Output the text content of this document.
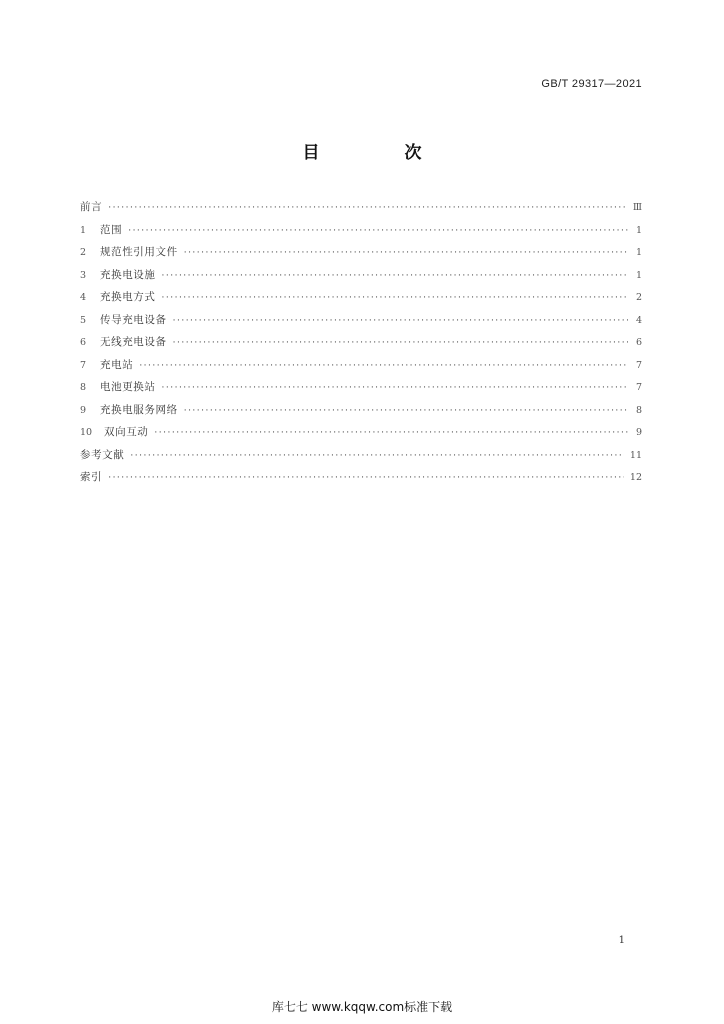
GB/T 29317—2021
目　次
前言 ·····	Ⅲ
1	范围 ·····	1
2	规范性引用文件 ·····	1
3	充换电设施 ·····	1
4	充换电方式 ·····	2
5	传导充电设备 ·····	4
6	无线充电设备 ·····	6
7	充电站 ·····	7
8	电池更换站 ·····	7
9	充换电服务网络 ·····	8
10	双向互动 ·····	9
参考文献 ·····	11
索引 ·····	12
1
库七七 www.kqqw.com标准下载
